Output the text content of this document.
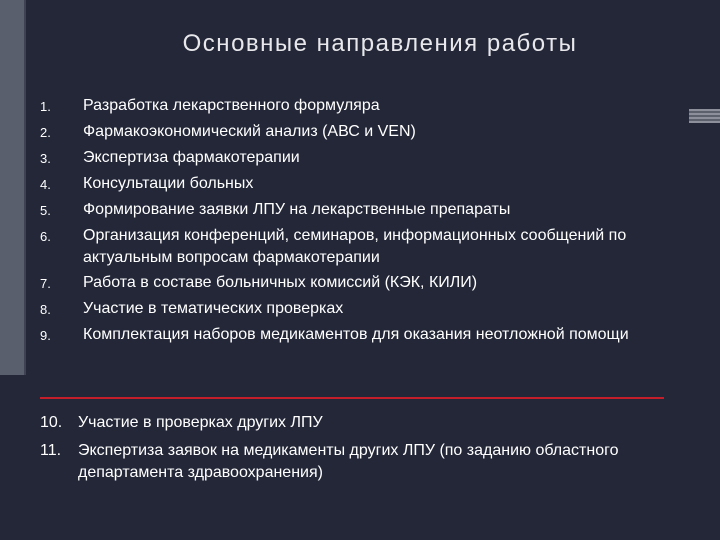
Основные направления работы
1.	Разработка лекарственного формуляра
2.	Фармакоэкономический анализ (АВС и VEN)
3.	Экспертиза фармакотерапии
4.	Консультации больных
5.	Формирование заявки ЛПУ на лекарственные препараты
6.	Организация конференций, семинаров, информационных сообщений по актуальным вопросам фармакотерапии
7.	Работа в составе больничных комиссий (КЭК, КИЛИ)
8.	Участие в тематических проверках
9.	Комплектация наборов медикаментов для оказания неотложной помощи
10. Участие в проверках других ЛПУ
11.	Экспертиза заявок на медикаменты других ЛПУ (по заданию областного департамента здравоохранения)
